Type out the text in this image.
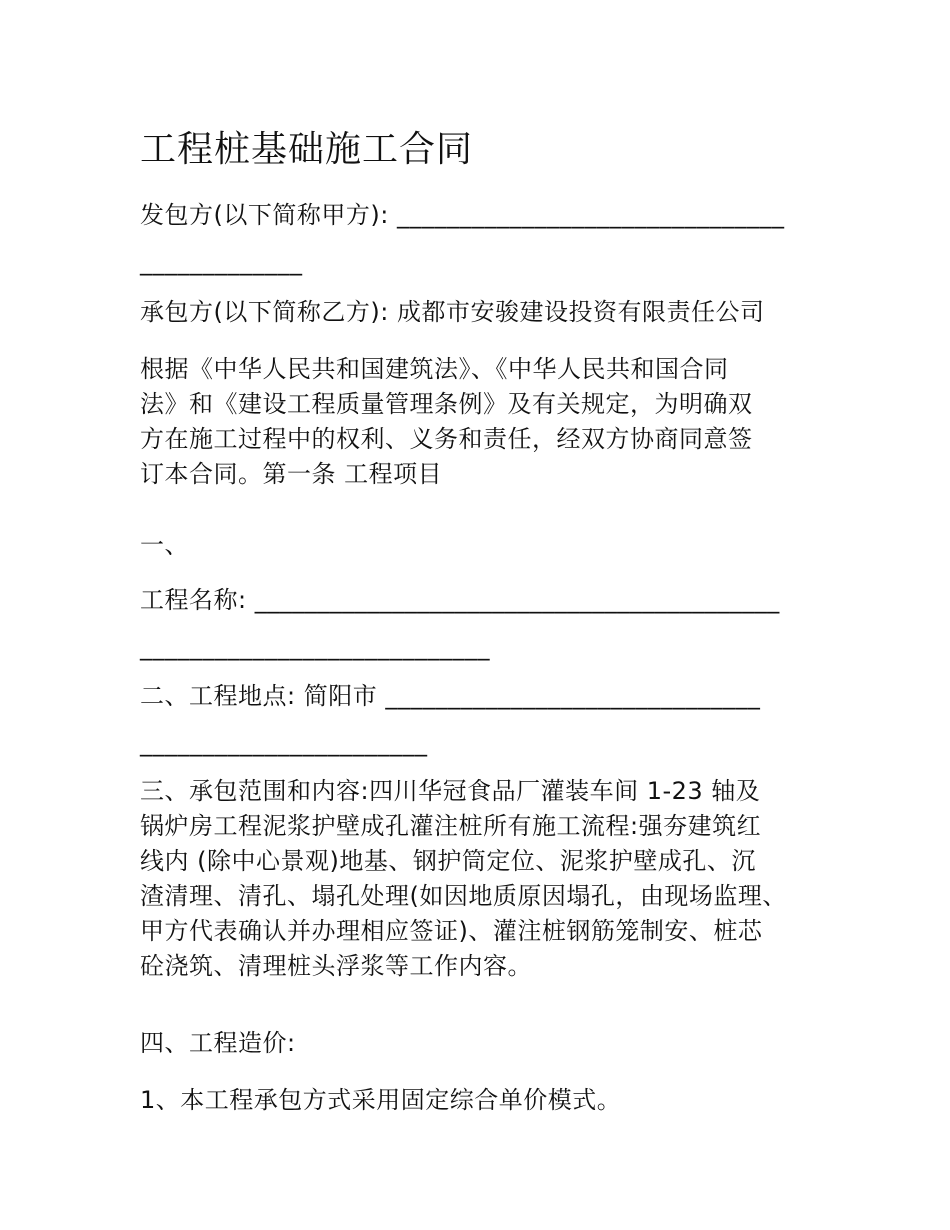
工程桩基础施工合同
发包方(以下简称甲方): _______________________________
_____________
承包方(以下简称乙方): 成都市安骏建设投资有限责任公司
根据《中华人民共和国建筑法》、《中华人民共和国合同
法》和《建设工程质量管理条例》及有关规定，为明确双
方在施工过程中的权利、义务和责任，经双方协商同意签
订本合同。第一条 工程项目
一、
工程名称: __________________________________________
____________________________
二、工程地点: 简阳市 ______________________________
_______________________
三、承包范围和内容:四川华冠食品厂灌装车间 1-23 轴及
锅炉房工程泥浆护壁成孔灌注桩所有施工流程:强夯建筑红
线内 (除中心景观)地基、钢护筒定位、泥浆护壁成孔、沉
渣清理、清孔、塌孔处理(如因地质原因塌孔，由现场监理、
甲方代表确认并办理相应签证)、灌注桩钢筋笼制安、桩芯
砼浇筑、清理桩头浮浆等工作内容。
四、工程造价:
1、本工程承包方式采用固定综合单价模式。
